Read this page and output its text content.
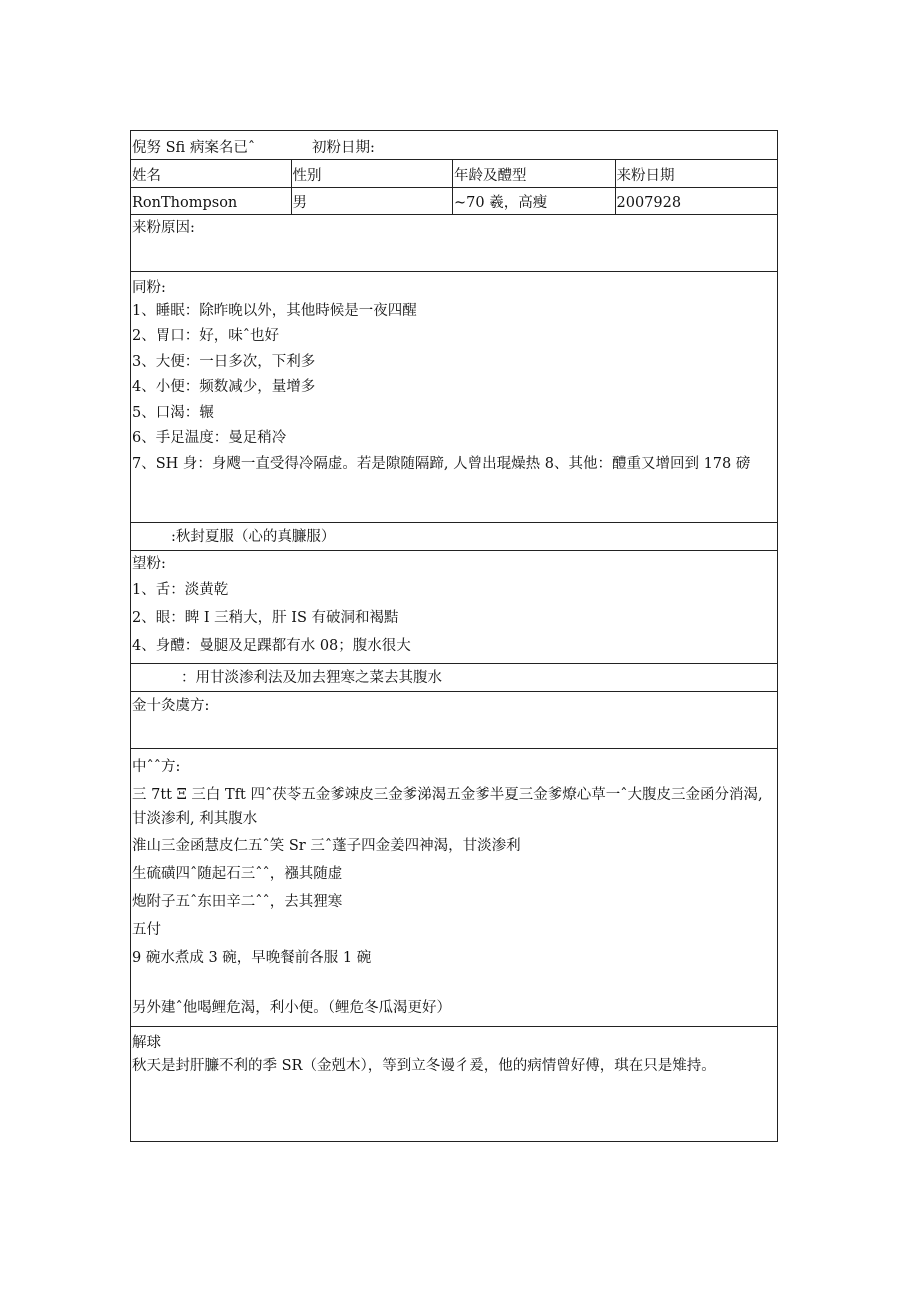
倪努 Sfi 病案名已ˆ	初粉日期:
姓名	性别	年龄及醴型	来粉日期
RonThompson	男	~70 羲，高瘦	2007928
来粉原因:
同粉:
1、睡眠：除昨晚以外，其他時候是一夜四醒
2、胃口：好，味ˆ也好
3、大便：一日多次，下利多
4、小便：频数减少，量增多
5、口渴：辗
6、手足温度：曼足稍冷
7、SH 身：身飕一直受得冷隔虚。若是隙随隔蹄, 人曾出琨燥热 8、其他：醴重又增回到 178 磅
:秋封夏服（心的真臁服）
望粉:
1、舌：淡黄乾
2、眼：睥 I 三稍大，肝 IS 有破洞和褐黠
4、身醴：曼腿及足踝都有水 08；腹水很大
：用甘淡渗利法及加去狸寒之菜去其腹水
金十灸虞方:
中ˆˆ方:
三 7tt Ξ 三白 Tft 四ˆ茯苓五金爹竦皮三金爹涕渴五金爹半夏三金爹燎心草一ˆ大腹皮三金函分消渴, 甘淡渗利, 利其腹水
淮山三金函慧皮仁五ˆ笑 Sr 三ˆ蓬子四金姜四神渴，甘淡渗利
生硫磺四ˆ随起石三ˆˆ，襁其随虚
炮附子五ˆ东田辛二ˆˆ，去其狸寒
五付
9 碗水煮成 3 碗，早晚餐前各服 1 碗
另外建ˆ他喝鲤危渴，利小便。（鲤危冬瓜渴更好）
解球
秋天是封肝臁不利的季 SR（金剋木），等到立冬谩彳爰，他的病情曾好傅，琪在只是雉持。
